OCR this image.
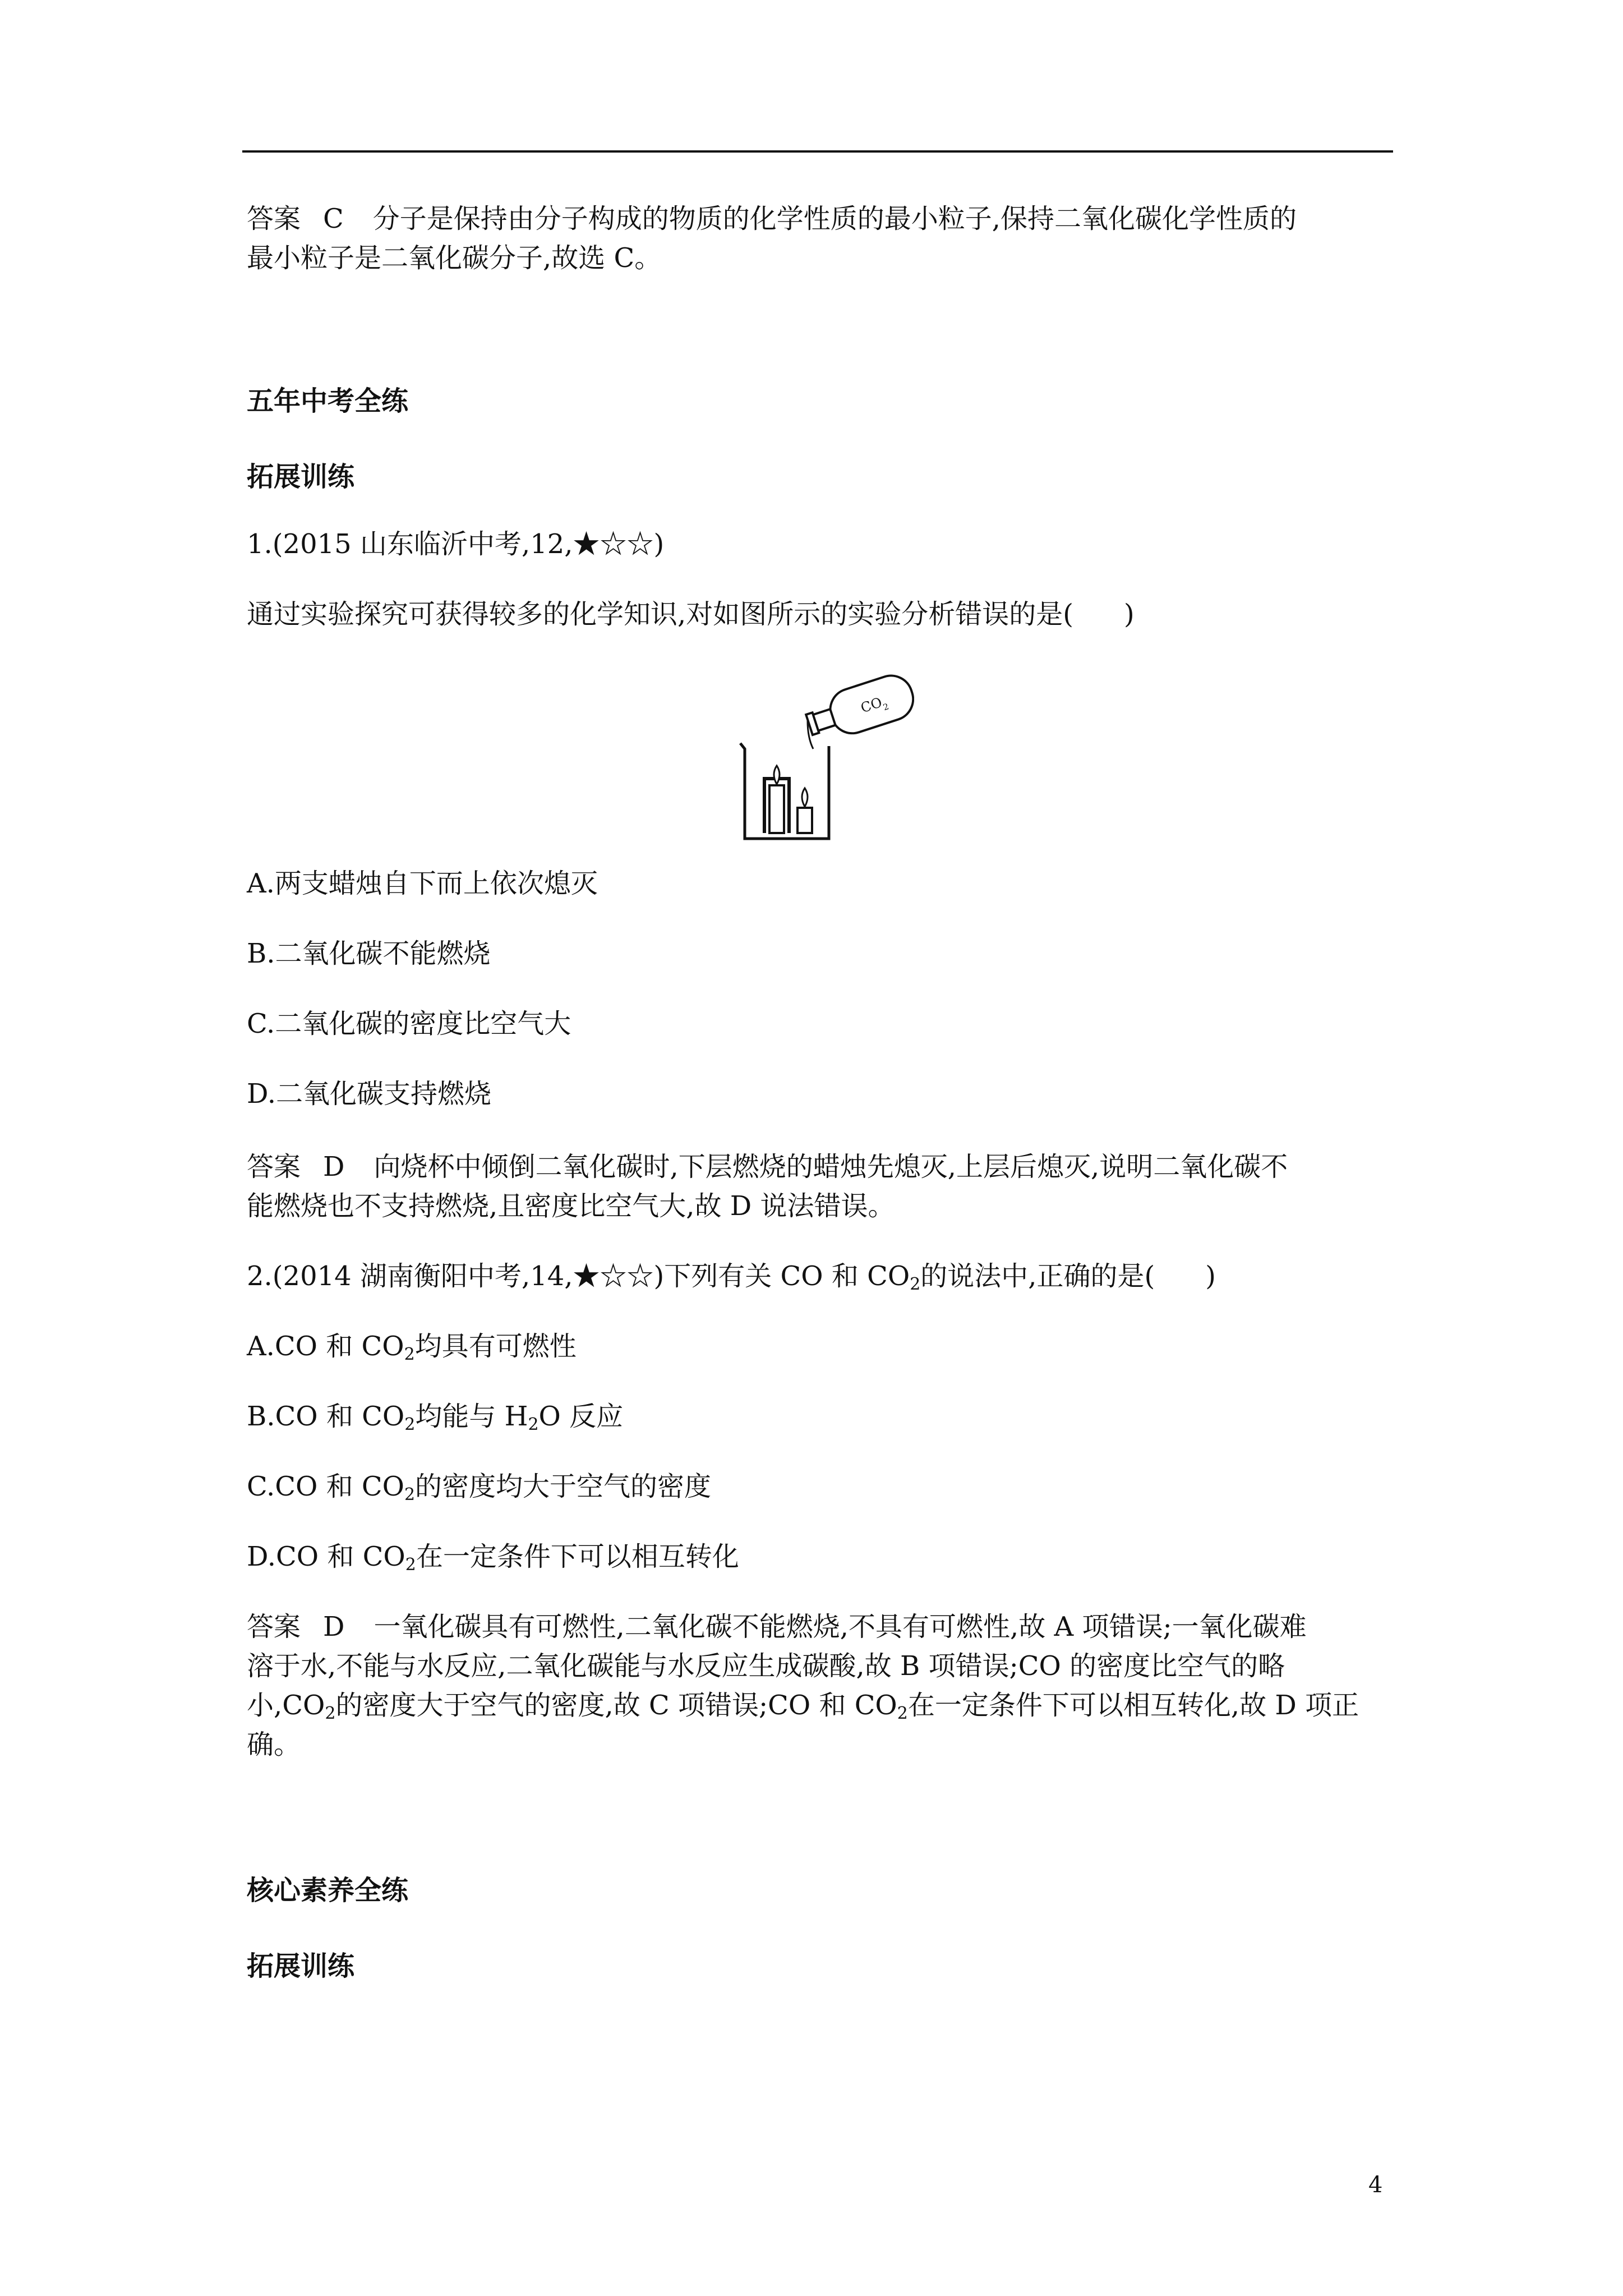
答案 C 分子是保持由分子构成的物质的化学性质的最小粒子,保持二氧化碳化学性质的
最小粒子是二氧化碳分子,故选 C。
五年中考全练
拓展训练
1.(2015 山东临沂中考,12,★☆☆)
通过实验探究可获得较多的化学知识,对如图所示的实验分析错误的是( )
$CO_2$
A.两支蜡烛自下而上依次熄灭
B.二氧化碳不能燃烧
C.二氧化碳的密度比空气大
D.二氧化碳支持燃烧
答案 D 向烧杯中倾倒二氧化碳时,下层燃烧的蜡烛先熄灭,上层后熄灭,说明二氧化碳不
能燃烧也不支持燃烧,且密度比空气大,故 D 说法错误。
2.(2014 湖南衡阳中考,14,★☆☆)下列有关 CO 和 $CO_2$的说法中,正确的是( )
A.CO 和 $CO_2$均具有可燃性
B.CO 和 $CO_2$均能与 $H_2O$ 反应
C.CO 和 $CO_2$的密度均大于空气的密度
D.CO 和 $CO_2$在一定条件下可以相互转化
答案 D 一氧化碳具有可燃性,二氧化碳不能燃烧,不具有可燃性,故 A 项错误;一氧化碳难
溶于水,不能与水反应,二氧化碳能与水反应生成碳酸,故 B 项错误;CO 的密度比空气的略
小$,CO_2$的密度大于空气的密度,故 C 项错误;CO 和 $CO_2$在一定条件下可以相互转化,故 D 项正
确。
核心素养全练
拓展训练
4
